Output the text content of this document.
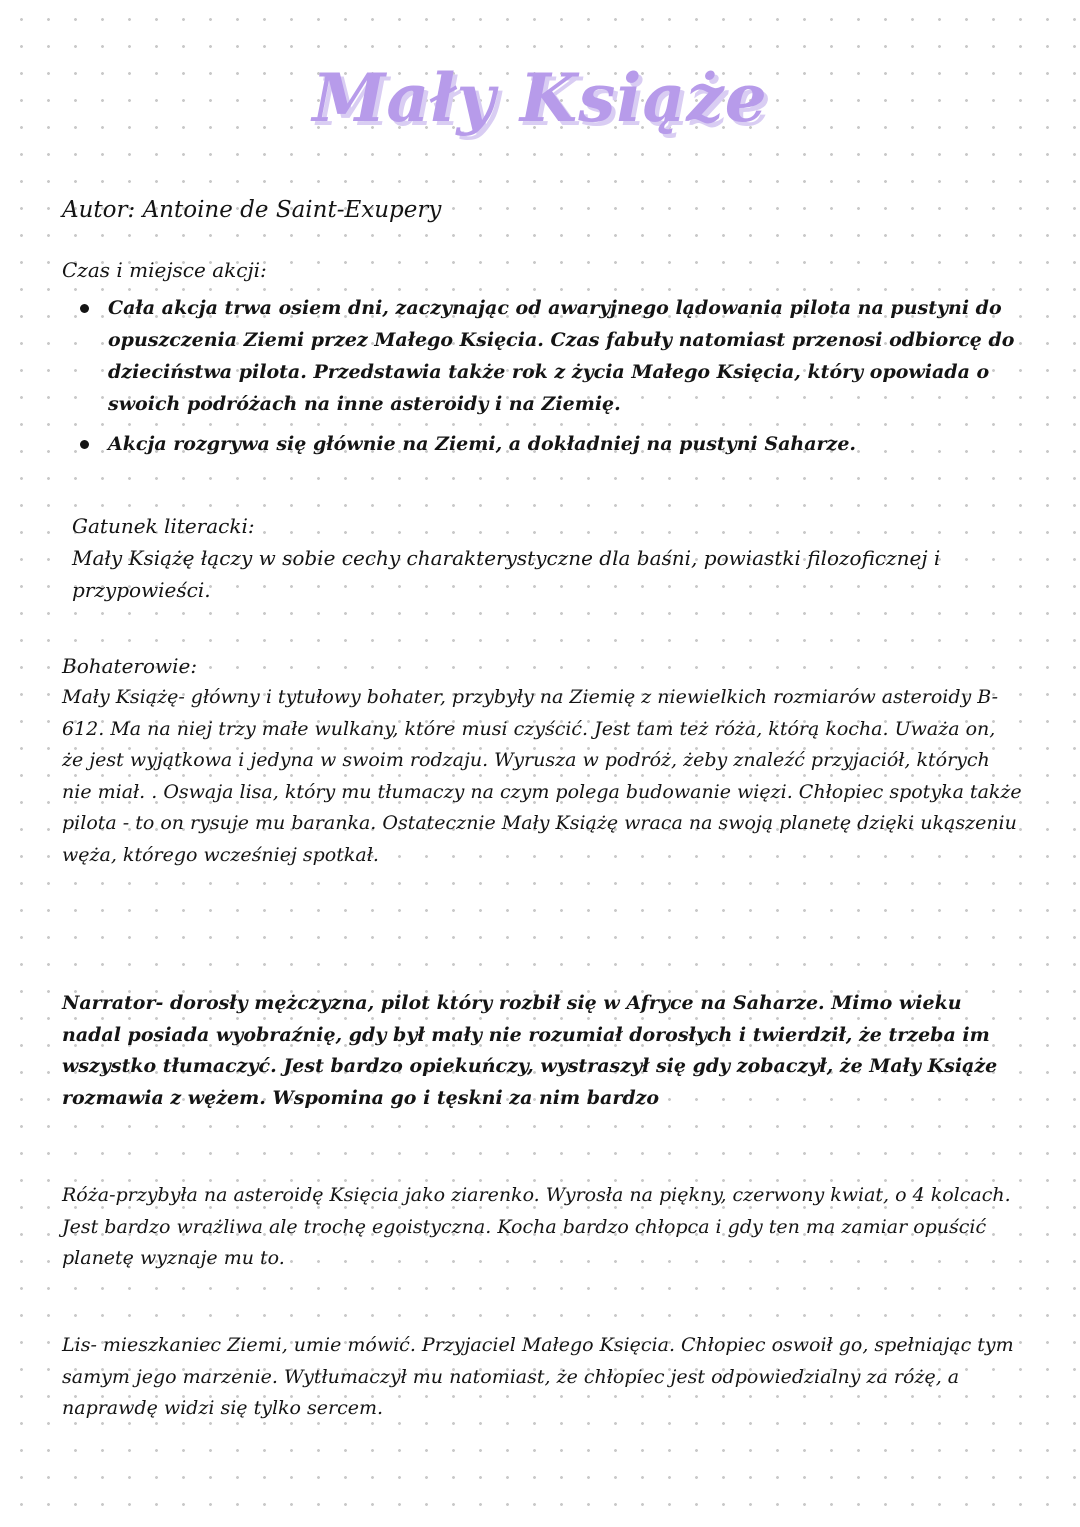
Mały Książe
Autor: Antoine de Saint-Exupery
Czas i miejsce akcji:
Cała akcja trwa osiem dni, zaczynając od awaryjnego lądowania pilota na pustyni do opuszczenia Ziemi przez Małego Księcia. Czas fabuły natomiast przenosi odbiorcę do dzieciństwa pilota. Przedstawia także rok z życia Małego Księcia, który opowiada o swoich podróżach na inne asteroidy i na Ziemię.
Akcja rozgrywa się głównie na Ziemi, a dokładniej na pustyni Saharze.
Gatunek literacki:

Mały Książę łączy w sobie cechy charakterystyczne dla baśni, powiastki filozoficznej i przypowieści.

Bohaterowie:

Mały Książę- główny i tytułowy bohater, przybyły na Ziemię z niewielkich rozmiarów asteroidy B-612. Ma na niej trzy małe wulkany, które musi czyścić. Jest tam też róża, którą kocha. Uważa on, że jest wyjątkowa i jedyna w swoim rodzaju. Wyrusza w podróż, żeby znaleźć przyjaciół, których nie miał. . Oswaja lisa, który mu tłumaczy na czym polega budowanie więzi. Chłopiec spotyka także pilota - to on rysuje mu baranka. Ostatecznie Mały Książę wraca na swoją planetę dzięki ukąszeniu węża, którego wcześniej spotkał.

Narrator- dorosły mężczyzna, pilot który rozbił się w Afryce na Saharze. Mimo wieku nadal posiada wyobraźnię, gdy był mały nie rozumiał dorosłych i twierdził, że trzeba im wszystko tłumaczyć. Jest bardzo opiekuńczy, wystraszył się gdy zobaczył, że Mały Książe rozmawia z wężem. Wspomina go i tęskni za nim bardzo

Róża-przybyła na asteroidę Księcia jako ziarenko. Wyrosła na piękny, czerwony kwiat, o 4 kolcach. Jest bardzo wrażliwa ale trochę egoistyczna. Kocha bardzo chłopca i gdy ten ma zamiar opuścić planetę wyznaje mu to.

Lis- mieszkaniec Ziemi, umie mówić. Przyjaciel Małego Księcia. Chłopiec oswoił go, spełniając tym samym jego marzenie. Wytłumaczył mu natomiast, że chłopiec jest odpowiedzialny za różę, a naprawdę widzi się tylko sercem.
